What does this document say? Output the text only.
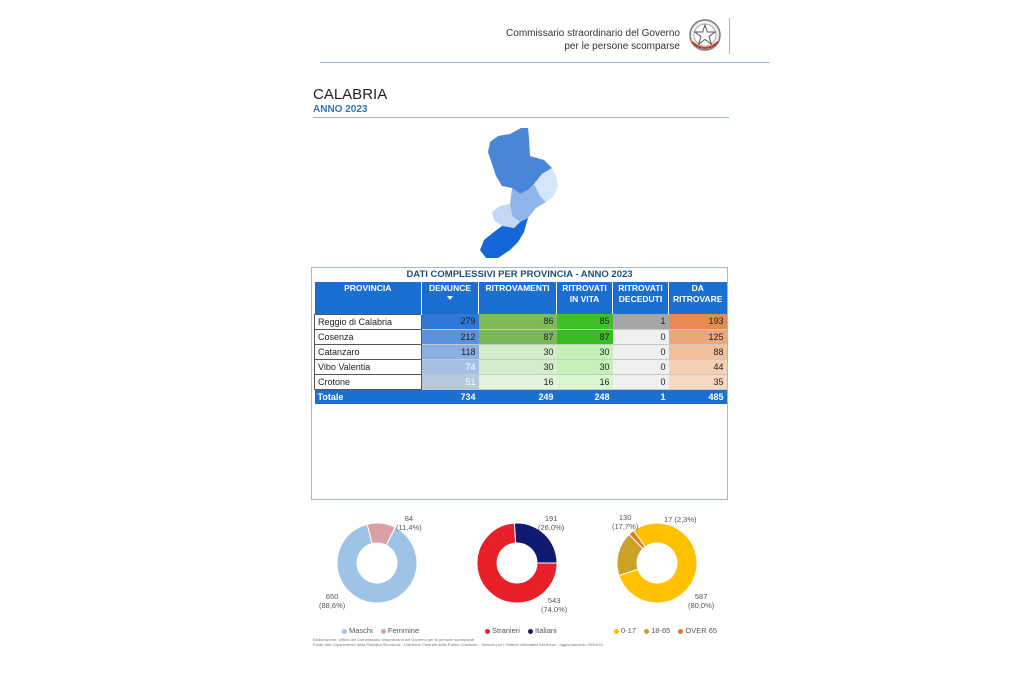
Commissario straordinario del Governo
per le persone scomparse
CALABRIA
ANNO 2023
DATI COMPLESSIVI PER PROVINCIA - ANNO 2023
PROVINCIA	DENUNCE	RITROVAMENTI	RITROVATI IN VITA	RITROVATI DECEDUTI	DA RITROVARE
Reggio di Calabria	279	86	85	1	193
Cosenza	212	87	87	0	125
Catanzaro	118	30	30	0	88
Vibo Valentia	74	30	30	0	44
Crotone	51	16	16	0	35
Totale	734	249	248	1	485
84
(11,4%)
650
(88,6%)
Maschi Femmine
191
(26,0%)
543
(74,0%)
Stranieri Italiani
130
(17,7%)
17 (2,3%)
587
(80,0%)
0-17 18-65 OVER 65
Elaborazione: Ufficio del Commissario straordinario del Governo per le persone scomparse
Fonte dati: Dipartimento della Pubblica Sicurezza - Direzione Centrale della Polizia Criminale - Servizio per i Sistemi Informativi Interforze - aggiornamento 29/04/24
